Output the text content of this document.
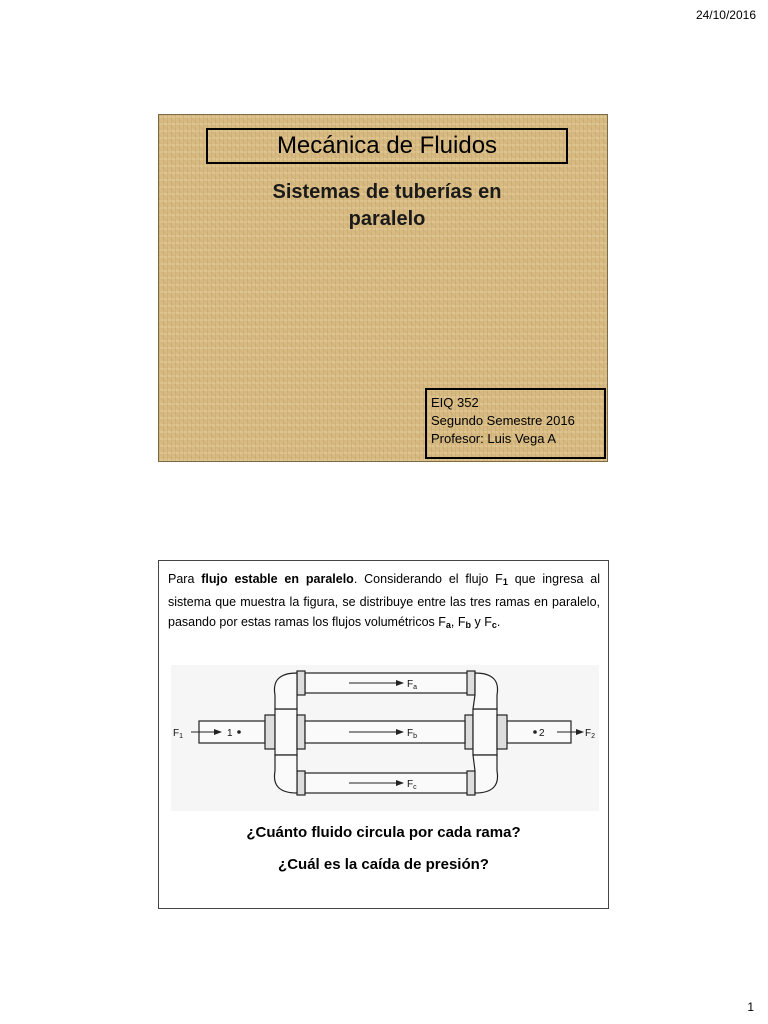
24/10/2016
Mecánica de Fluidos
Sistemas de tuberías en
paralelo
EIQ 352
Segundo Semestre 2016
Profesor: Luis Vega A
Para flujo estable en paralelo. Considerando el flujo $F_1$ que ingresa al sistema que muestra la figura, se distribuye entre las tres ramas en paralelo, pasando por estas ramas los flujos volumétricos $F_a$, $F_b$ y $F_c$.
$F_1$	1	2	$F_2$
$F_a$
$F_b$
$F_c$
¿Cuánto fluido circula por cada rama?
¿Cuál es la caída de presión?
1
